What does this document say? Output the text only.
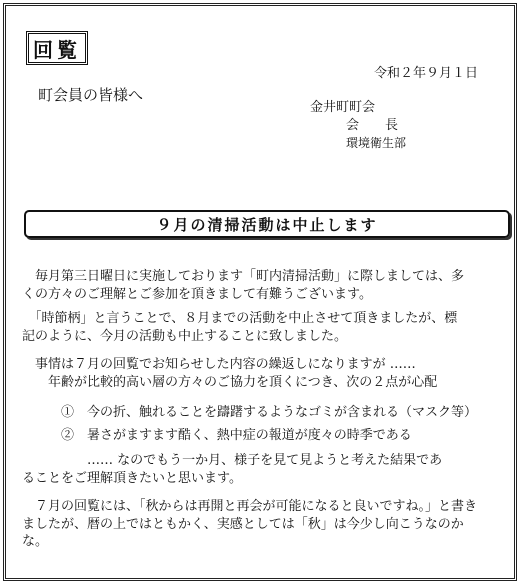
回覧
令和２年９月１日
町会員の皆様へ
金井町町会
会　　長
環境衛生部
９月の清掃活動は中止します
　毎月第三日曜日に実施しております「町内清掃活動」に際しましては、多
くの方々のご理解とご参加を頂きまして有難うございます。
　「時節柄」と言うことで、８月までの活動を中止させて頂きましたが、標
記のように、今月の活動も中止することに致しました。
　事情は７月の回覧でお知らせした内容の繰返しになりますが ……
　　年齢が比較的高い層の方々のご協力を頂くにつき、次の２点が心配
　　　①　今の折、触れることを躊躇するようなゴミが含まれる（マスク等）
　　　②　暑さがますます酷く、熱中症の報道が度々の時季である
　　　　　…… なのでもう一か月、様子を見て見ようと考えた結果であ
ることをご理解頂きたいと思います。
　７月の回覧には、「秋からは再開と再会が可能になると良いですね。」と書き
ましたが、暦の上ではともかく、実感としては「秋」は今少し向こうなのか
な。
